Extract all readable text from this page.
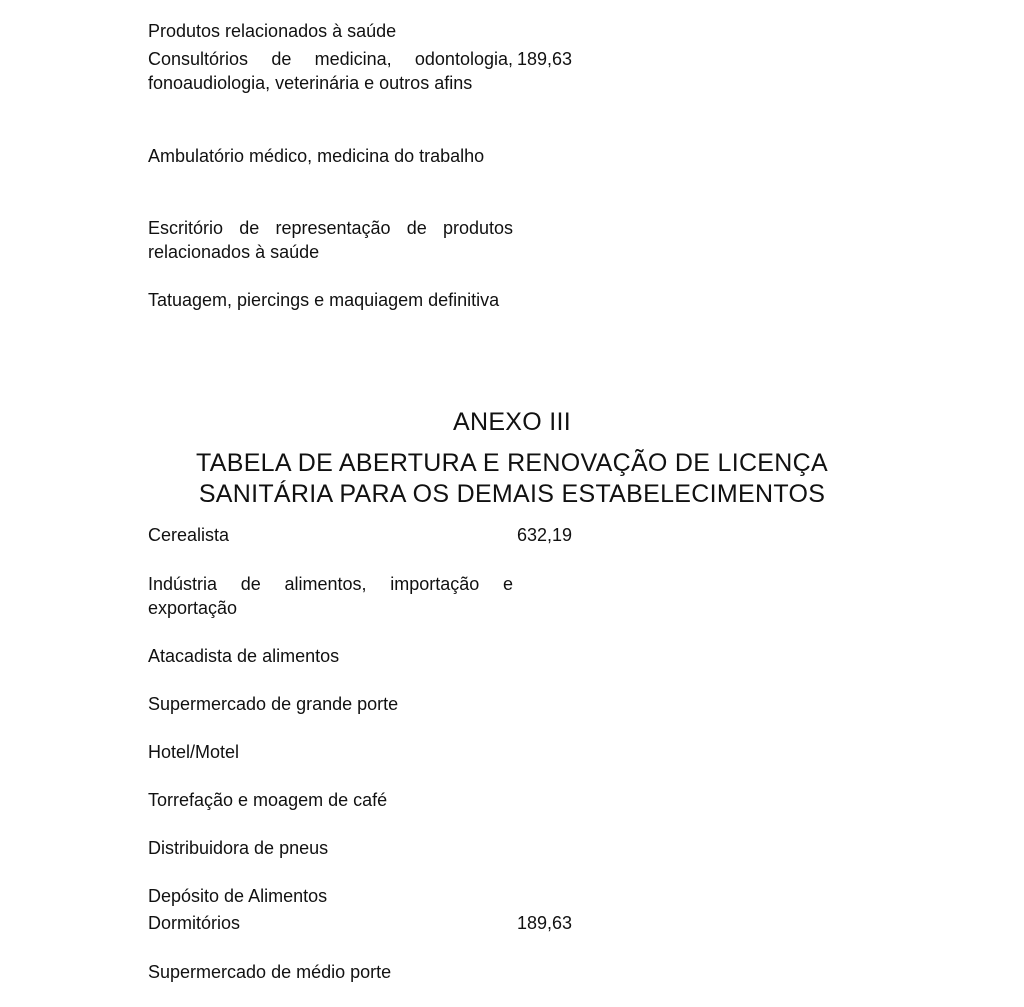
Produtos relacionados à saúde

Consultórios de medicina, odontologia, fonoaudiologia, veterinária e outros afins

189,63

Ambulatório médico, medicina do trabalho

Escritório de representação de produtos relacionados à saúde

Tatuagem, piercings e maquiagem definitiva

ANEXO III
TABELA DE ABERTURA E RENOVAÇÃO DE LICENÇA
SANITÁRIA PARA OS DEMAIS ESTABELECIMENTOS

Cerealista	632,19

Indústria de alimentos, importação e exportação

Atacadista de alimentos

Supermercado de grande porte

Hotel/Motel

Torrefação e moagem de café

Distribuidora de pneus

Depósito de Alimentos

Dormitórios	189,63

Supermercado de médio porte
